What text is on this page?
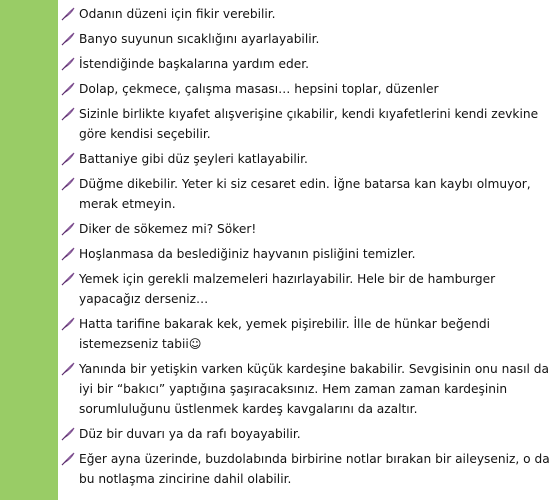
Odanın düzeni için fikir verebilir.
Banyo suyunun sıcaklığını ayarlayabilir.
İstendiğinde başkalarına yardım eder.
Dolap, çekmece, çalışma masası… hepsini toplar, düzenler
Sizinle birlikte kıyafet alışverişine çıkabilir, kendi kıyafetlerini kendi zevkine göre kendisi seçebilir.
Battaniye gibi düz şeyleri katlayabilir.
Düğme dikebilir. Yeter ki siz cesaret edin. İğne batarsa kan kaybı olmuyor, merak etmeyin.
Diker de sökemez mi? Söker!
Hoşlanmasa da beslediğiniz hayvanın pisliğini temizler.
Yemek için gerekli malzemeleri hazırlayabilir. Hele bir de hamburger yapacağız derseniz…
Hatta tarifine bakarak kek, yemek pişirebilir. İlle de hünkar beğendi istemezseniz tabii☺
Yanında bir yetişkin varken küçük kardeşine bakabilir. Sevgisinin onu nasıl da iyi bir “bakıcı” yaptığına şaşıracaksınız. Hem zaman zaman kardeşinin sorumluluğunu üstlenmek kardeş kavgalarını da azaltır.
Düz bir duvarı ya da rafı boyayabilir.
Eğer ayna üzerinde, buzdolabında birbirine notlar bırakan bir aileyseniz, o da bu notlaşma zincirine dahil olabilir.
